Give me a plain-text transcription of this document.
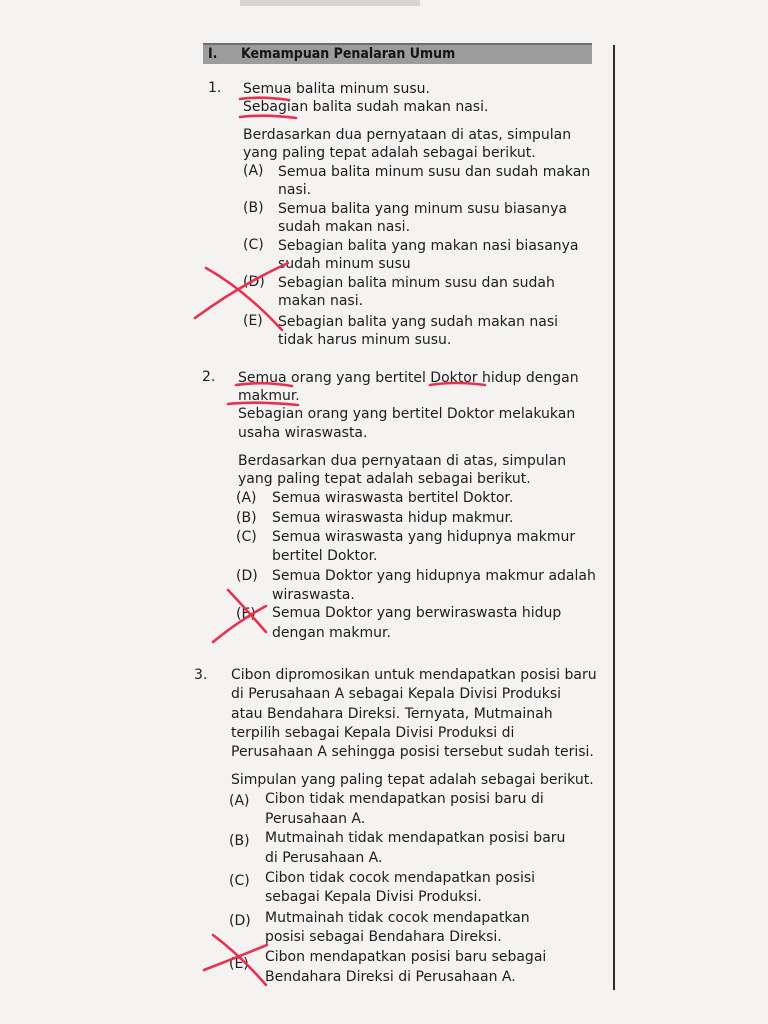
I. Kemampuan Penalaran Umum
1. Semua balita minum susu.
Sebagian balita sudah makan nasi.
Berdasarkan dua pernyataan di atas, simpulan
yang paling tepat adalah sebagai berikut.
(A) Semua balita minum susu dan sudah makan
nasi.
(B) Semua balita yang minum susu biasanya
sudah makan nasi.
(C) Sebagian balita yang makan nasi biasanya
sudah minum susu
(D) Sebagian balita minum susu dan sudah
makan nasi.
(E) Sebagian balita yang sudah makan nasi
tidak harus minum susu.
2. Semua orang yang bertitel Doktor hidup dengan
makmur.
Sebagian orang yang bertitel Doktor melakukan
usaha wiraswasta.
Berdasarkan dua pernyataan di atas, simpulan
yang paling tepat adalah sebagai berikut.
(A) Semua wiraswasta bertitel Doktor.
(B) Semua wiraswasta hidup makmur.
(C) Semua wiraswasta yang hidupnya makmur
bertitel Doktor.
(D) Semua Doktor yang hidupnya makmur adalah
wiraswasta.
(E) Semua Doktor yang berwiraswasta hidup
dengan makmur.
3. Cibon dipromosikan untuk mendapatkan posisi baru
di Perusahaan A sebagai Kepala Divisi Produksi
atau Bendahara Direksi. Ternyata, Mutmainah
terpilih sebagai Kepala Divisi Produksi di
Perusahaan A sehingga posisi tersebut sudah terisi.
Simpulan yang paling tepat adalah sebagai berikut.
(A) Cibon tidak mendapatkan posisi baru di
Perusahaan A.
(B) Mutmainah tidak mendapatkan posisi baru
di Perusahaan A.
(C) Cibon tidak cocok mendapatkan posisi
sebagai Kepala Divisi Produksi.
(D) Mutmainah tidak cocok mendapatkan
posisi sebagai Bendahara Direksi.
(E) Cibon mendapatkan posisi baru sebagai
Bendahara Direksi di Perusahaan A.
